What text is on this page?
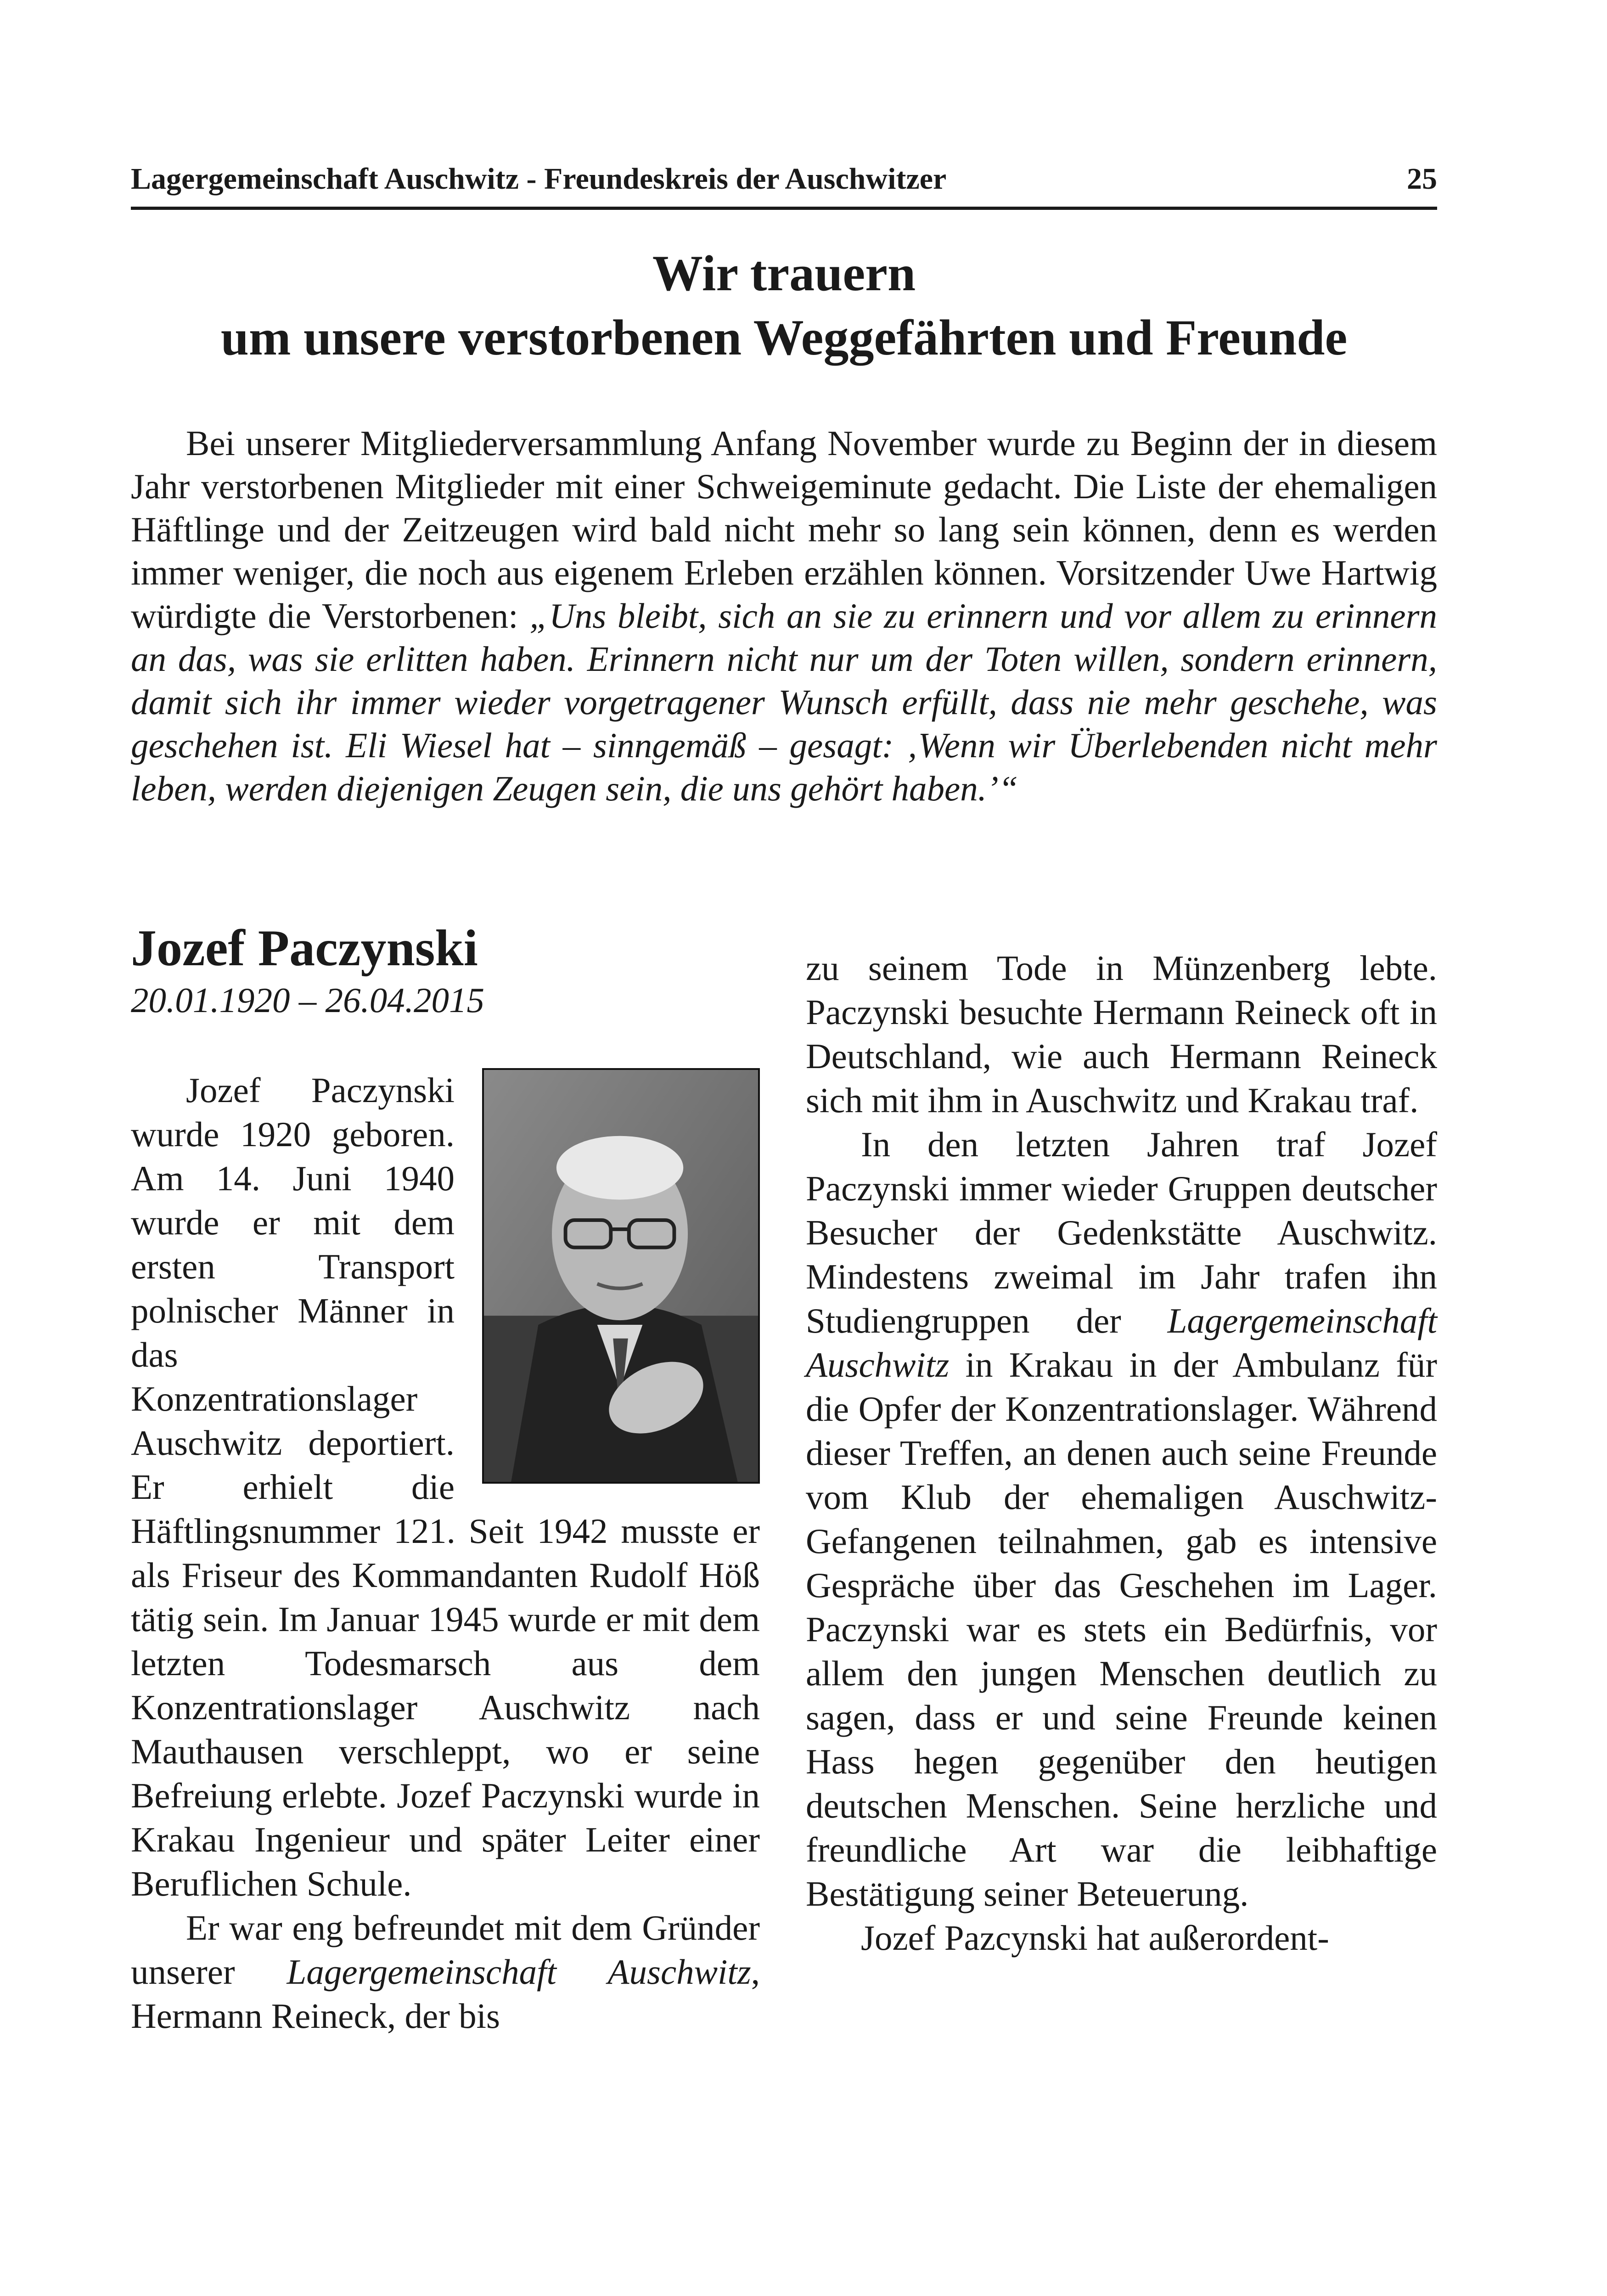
Lagergemeinschaft Auschwitz - Freundeskreis der Auschwitzer	25
Wir trauern
um unsere verstorbenen Weggefährten und Freunde
Bei unserer Mitgliederversammlung Anfang November wurde zu Beginn der in diesem Jahr verstorbenen Mitglieder mit einer Schweigeminute gedacht. Die Liste der ehemaligen Häftlinge und der Zeitzeugen wird bald nicht mehr so lang sein können, denn es werden immer weniger, die noch aus eigenem Erleben erzählen können. Vorsitzender Uwe Hartwig würdigte die Verstorbenen: „Uns bleibt, sich an sie zu erinnern und vor allem zu erinnern an das, was sie erlitten haben. Erinnern nicht nur um der Toten willen, sondern erinnern, damit sich ihr immer wieder vorgetragener Wunsch erfüllt, dass nie mehr geschehe, was geschehen ist. Eli Wiesel hat – sinngemäß – gesagt: ‚Wenn wir Überlebenden nicht mehr leben, werden diejenigen Zeugen sein, die uns gehört haben.’“
Jozef Paczynski
20.01.1920 – 26.04.2015

Jozef Paczynski wurde 1920 geboren. Am 14. Juni 1940 wurde er mit dem ersten Transport polnischer Männer in das Konzentrationslager Auschwitz deportiert. Er erhielt die Häftlingsnummer 121. Seit 1942 musste er als Friseur des Kommandanten Rudolf Höß tätig sein. Im Januar 1945 wurde er mit dem letzten Todesmarsch aus dem Konzentrationslager Auschwitz nach Mauthausen verschleppt, wo er seine Befreiung erlebte. Jozef Paczynski wurde in Krakau Ingenieur und später Leiter einer Beruflichen Schule.

Er war eng befreundet mit dem Gründer unserer Lagergemeinschaft Auschwitz, Hermann Reineck, der bis

zu seinem Tode in Münzenberg lebte. Paczynski besuchte Hermann Reineck oft in Deutschland, wie auch Hermann Reineck sich mit ihm in Auschwitz und Krakau traf.

In den letzten Jahren traf Jozef Paczynski immer wieder Gruppen deutscher Besucher der Gedenkstätte Auschwitz. Mindestens zweimal im Jahr trafen ihn Studiengruppen der Lagergemeinschaft Auschwitz in Krakau in der Ambulanz für die Opfer der Konzentrationslager. Während dieser Treffen, an denen auch seine Freunde vom Klub der ehemaligen Auschwitz-Gefangenen teilnahmen, gab es intensive Gespräche über das Geschehen im Lager. Paczynski war es stets ein Bedürfnis, vor allem den jungen Menschen deutlich zu sagen, dass er und seine Freunde keinen Hass hegen gegenüber den heutigen deutschen Menschen. Seine herzliche und freundliche Art war die leibhaftige Bestätigung seiner Beteuerung.

Jozef Pazcynski hat außerordent-
